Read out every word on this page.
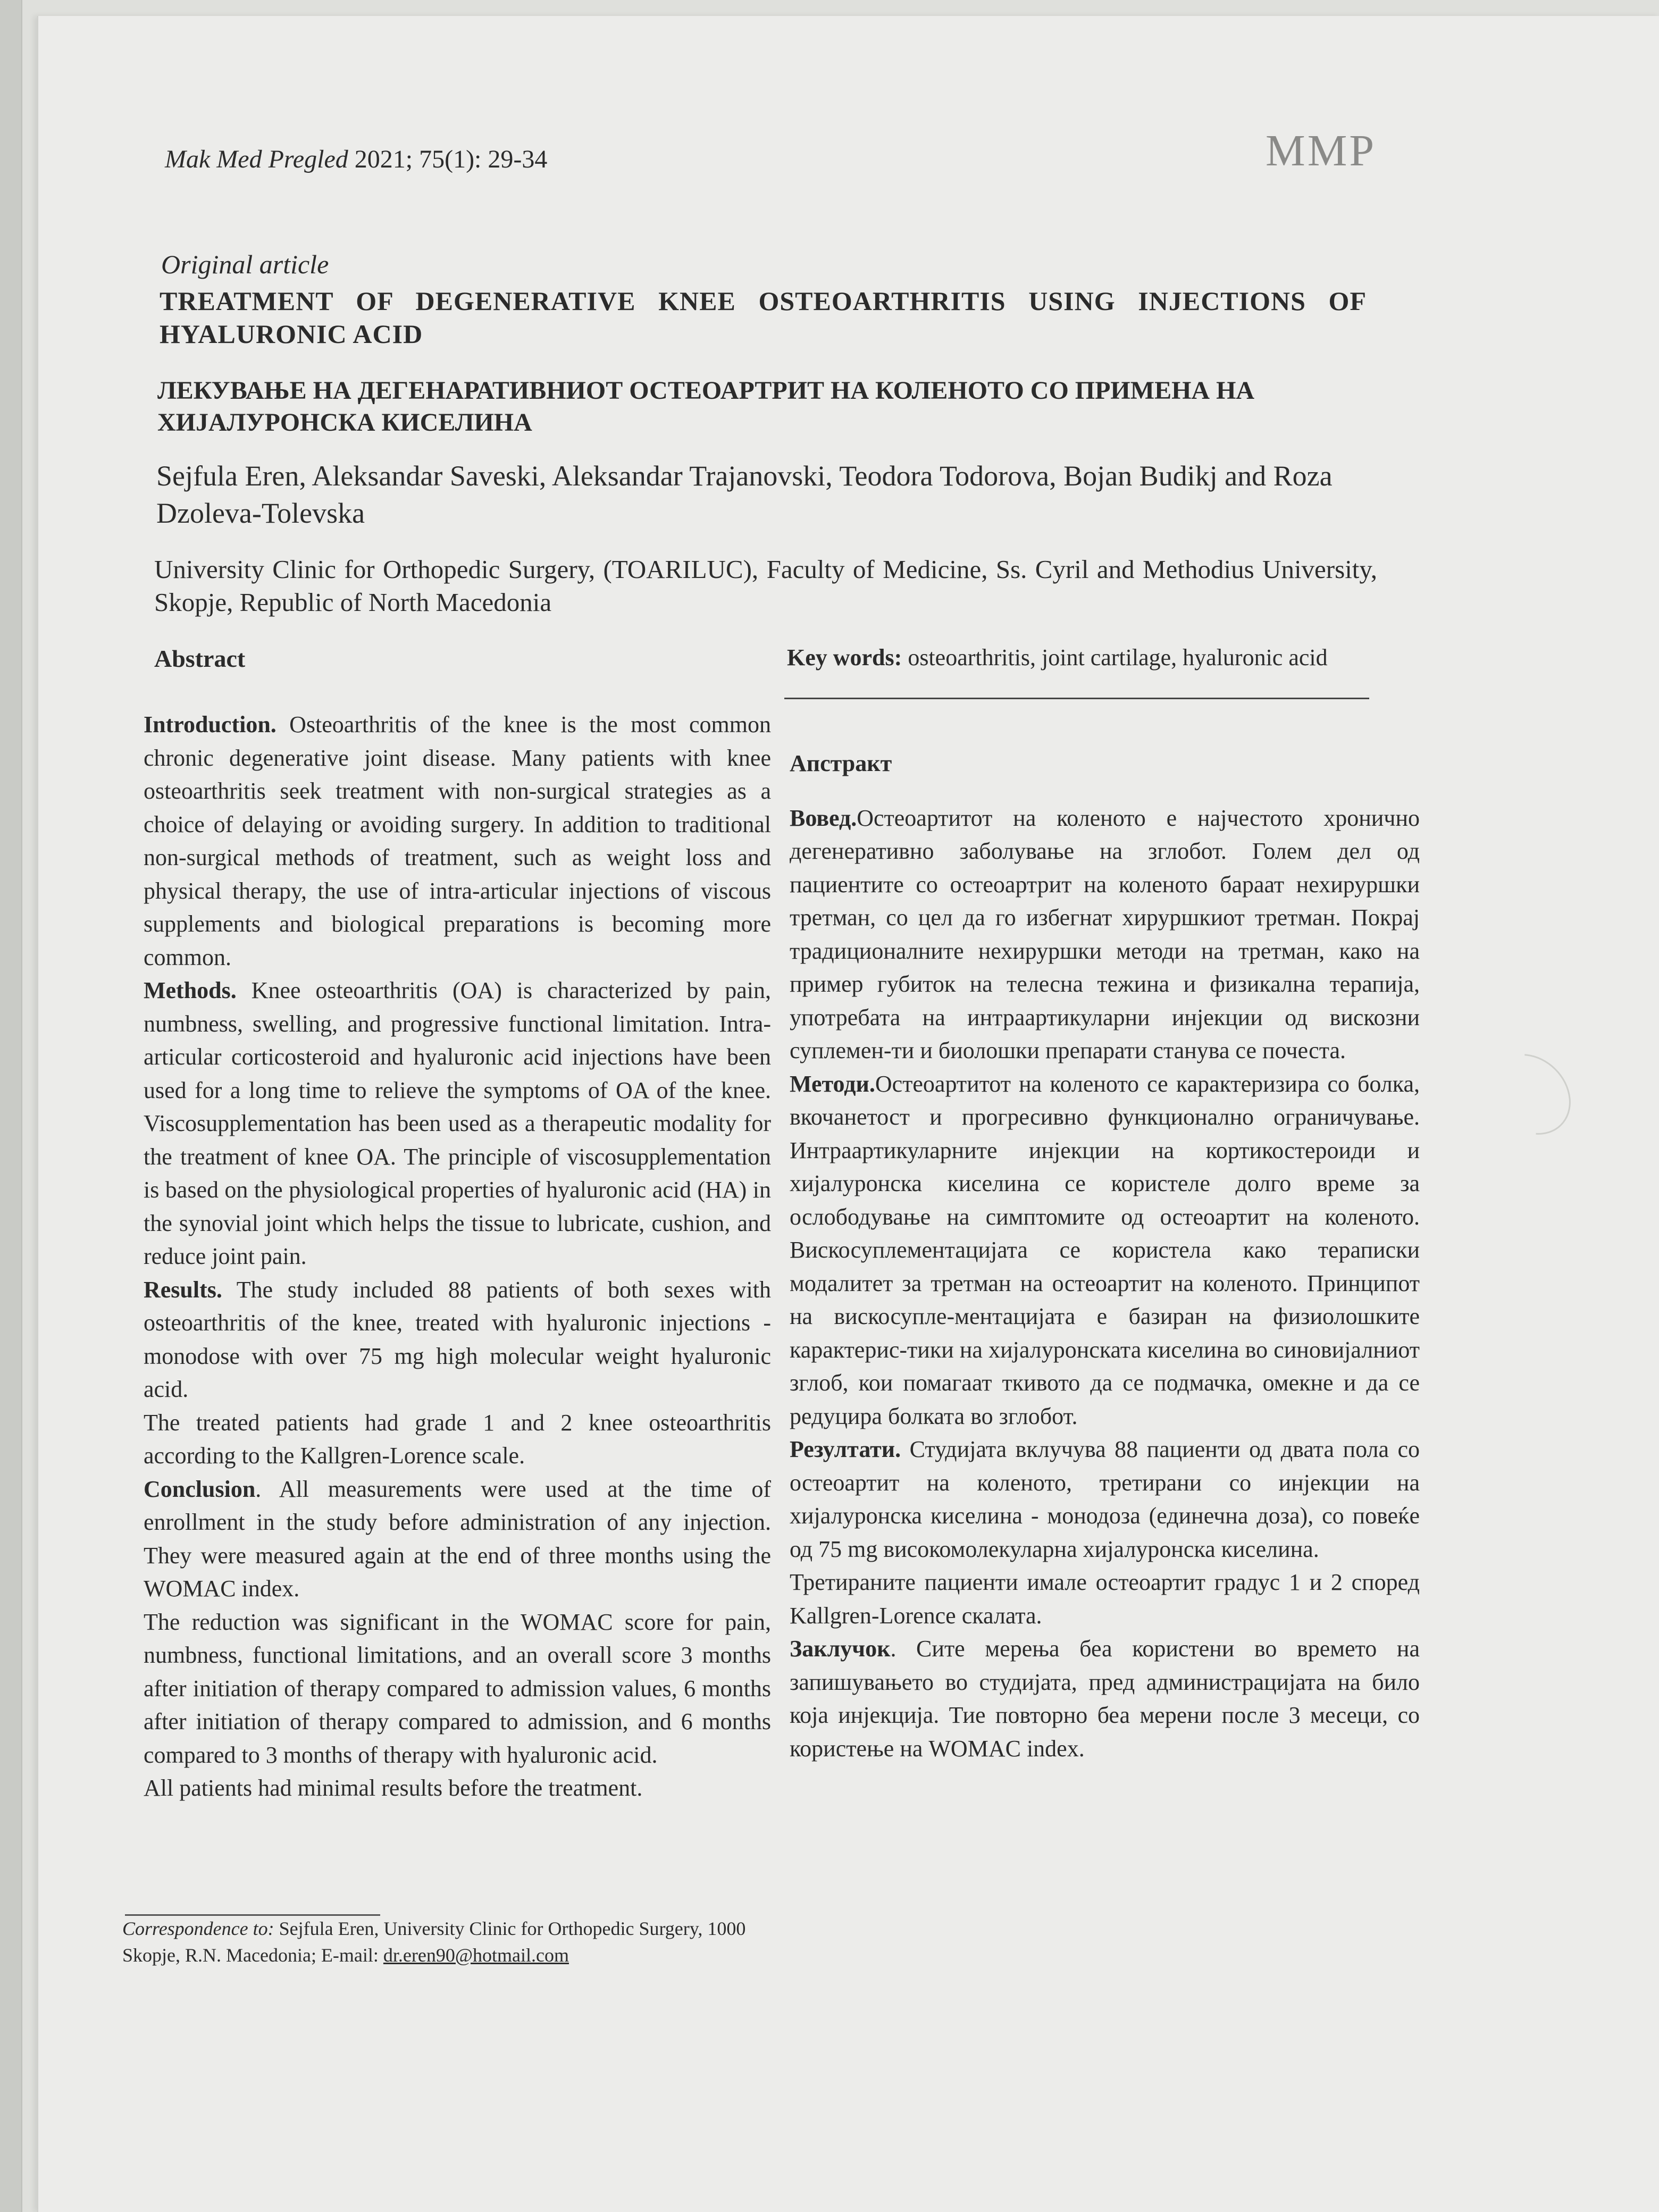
Mak Med Pregled 2021; 75(1): 29-34	MMP
Original article
TREATMENT OF DEGENERATIVE KNEE OSTEOARTHRITIS USING INJECTIONS OF HYALURONIC ACID
ЛЕКУВАЊЕ НА ДЕГЕНАРАТИВНИОТ ОСТЕОАРТРИТ НА КОЛЕНОТО СО ПРИМЕНА НА ХИЈАЛУРОНСКА КИСЕЛИНА
Sejfula Eren, Aleksandar Saveski, Aleksandar Trajanovski, Teodora Todorova, Bojan Budikj and Roza Dzoleva-Tolevska
University Clinic for Orthopedic Surgery, (TOARILUC), Faculty of Medicine, Ss. Cyril and Methodius University, Skopje, Republic of North Macedonia
Abstract	Key words: osteoarthritis, joint cartilage, hyaluronic acid

Introduction. Osteoarthritis of the knee is the most common chronic degenerative joint disease. Many patients with knee osteoarthritis seek treatment with non-surgical strategies as a choice of delaying or avoiding surgery. In addition to traditional non-surgical methods of treatment, such as weight loss and physical therapy, the use of intra-articular injections of viscous supplements and biological preparations is becoming more common.

Methods. Knee osteoarthritis (OA) is characterized by pain, numbness, swelling, and progressive functional limitation. Intra-articular corticosteroid and hyaluronic acid injections have been used for a long time to relieve the symptoms of OA of the knee. Viscosupplementation has been used as a therapeutic modality for the treatment of knee OA. The principle of viscosupplementation is based on the physiological properties of hyaluronic acid (HA) in the synovial joint which helps the tissue to lubricate, cushion, and reduce joint pain.

Results. The study included 88 patients of both sexes with osteoarthritis of the knee, treated with hyaluronic injections - monodose with over 75 mg high molecular weight hyaluronic acid.

The treated patients had grade 1 and 2 knee osteoarthritis according to the Kallgren-Lorence scale.

Conclusion. All measurements were used at the time of enrollment in the study before administration of any injection. They were measured again at the end of three months using the WOMAC index.

The reduction was significant in the WOMAC score for pain, numbness, functional limitations, and an overall score 3 months after initiation of therapy compared to admission values, 6 months after initiation of therapy compared to admission, and 6 months compared to 3 months of therapy with hyaluronic acid.

All patients had minimal results before the treatment.

Апстракт

Вовед.Остеоартитот на коленото е најчестото хронично дегенеративно заболување на зглобот. Голем дел од пациентите со остеоартрит на коленото бараат нехируршки третман, со цел да го избегнат хируршкиот третман. Покрај традиционалните нехируршки методи на третман, како на пример губиток на телесна тежина и физикална терапија, употребата на интраартикуларни инјекции од вискозни суплемен-ти и биолошки препарати станува се почеста.

Методи.Остеоартитот на коленото се карактеризира со болка, вкочанетост и прогресивно функционално ограничување. Интраартикуларните инјекции на кортикостероиди и хијалуронска киселина се користеле долго време за ослободување на симптомите од остеоартит на коленото. Вискосуплементацијата се користела како тераписки модалитет за третман на остеоартит на коленото. Принципот на вискосупле-ментацијата е базиран на физиолошките карактерис-тики на хијалуронската киселина во синовијалниот зглоб, кои помагаат ткивото да се подмачка, омекне и да се редуцира болката во зглобот.

Резултати. Студијата вклучува 88 пациенти од двата пола со остеоартит на коленото, третирани со инјекции на хијалуронска киселина - монодоза (единечна доза), со повеќе од 75 mg високомолекуларна хијалуронска киселина.

Третираните пациенти имале остеоартит градус 1 и 2 според Kallgren-Lorence скалата.

Заклучок. Сите мерења беа користени во времето на запишувањето во студијата, пред администрацијата на било која инјекција. Тие повторно беа мерени после 3 месеци, со користење на WOMAC index.

Correspondence to: Sejfula Eren, University Clinic for Orthopedic Surgery, 1000 Skopje, R.N. Macedonia; E-mail: dr.eren90@hotmail.com
